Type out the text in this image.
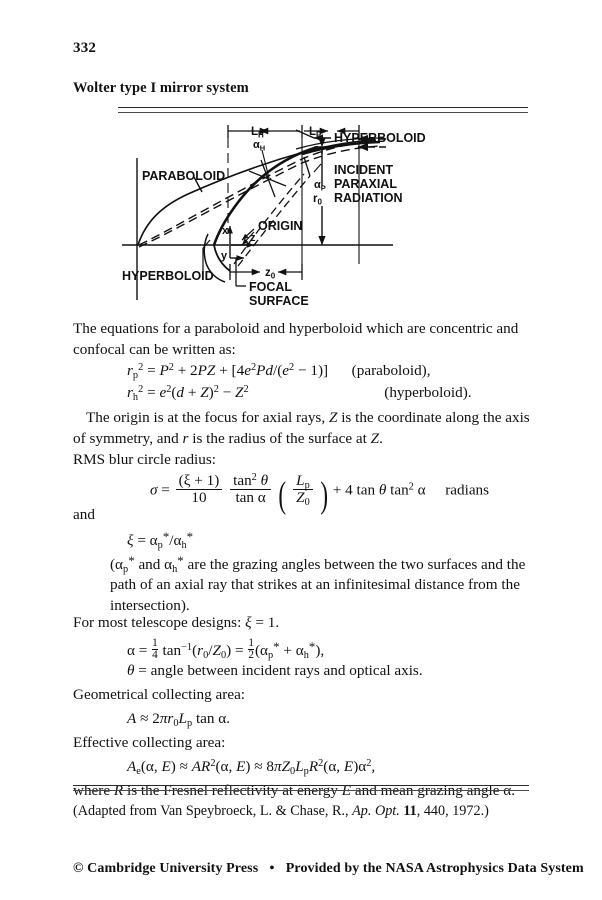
332
Wolter type I mirror system
$L_H$	$L_P$
$\alpha_H$
$\alpha_P$
HYPERBOLOID
PARABOLOID	INCIDENT
PARAXIAL
RADIATION
ORIGIN
x
y
z
$r_0$
$z_0$
HYPERBOLOID
FOCAL
SURFACE
The equations for a paraboloid and hyperboloid which are concentric and confocal can be written as:
$r_p^2 = P^2 + 2PZ + [4e^2Pd/(e^2 - 1)]$  (paraboloid),
$r_h^2 = e^2(d + Z)^2 - Z^2$	(hyperboloid).
The origin is at the focus for axial rays, Z is the coordinate along the axis of symmetry, and r is the radius of the surface at Z.
RMS blur circle radius:
$\sigma = \frac{(\xi + 1)}{10}$
$\frac{\tan^2 \theta}{\text{tan α}}$ ( $\frac{L_p}{Z_0}$ ) + 4 tan θ $\tan^2 \alpha$  radians
and
$\xi = \alpha_p^*/\alpha_h^*$
($\alpha_p^*$ and $\alpha_h^*$ are the grazing angles between the two surfaces and the path of an axial ray that strikes at an infinitesimal distance from the intersection).
For most telescope designs: ξ = 1.
$\alpha = \frac{1}{4} \tan^{-1}(r_0/Z_0) = \frac{1}{2} (\alpha_p^* + \alpha_h^*)$,
θ = angle between incident rays and optical axis.
Geometrical collecting area:
$A \approx 2\pi r_0L_p$ tan α.
Effective collecting area:
$A_e(\alpha$, $E) \approx AR^2(\alpha$, $E) \approx 8\pi Z_0L_pR^2(\alpha$, $E)\alpha^2$,
where R is the Fresnel reflectivity at energy E and mean grazing angle α.
(Adapted from Van Speybroeck, L. & Chase, R., Ap. Opt. 11, 440, 1972.)
© Cambridge University Press • Provided by the NASA Astrophysics Data System
